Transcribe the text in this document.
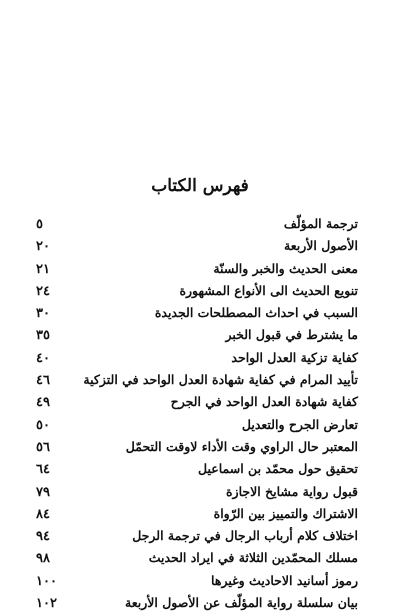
فهرس الكتاب
٥	ترجمة المؤلّف
٢٠	الأصول الأربعة
٢١	معنى الحديث والخبر والسنّة
٢٤	تنويع الحديث الى الأنواع المشهورة
٣٠	السبب في احداث المصطلحات الجديدة
٣٥	ما يشترط في قبول الخبر
٤٠	كفاية تزكية العدل الواحد
٤٦	تأييد المرام في كفاية شهادة العدل الواحد في التزكية
٤٩	كفاية شهادة العدل الواحد في الجرح
٥٠	تعارض الجرح والتعديل
٥٦	المعتبر حال الراوي وقت الأداء لاوقت التحمّل
٦٤	تحقيق حول محمّد بن اسماعيل
٧٩	قبول رواية مشايخ الاجازة
٨٤	الاشتراك والتمييز بين الرّواة
٩٤	اختلاف كلام أرباب الرجال في ترجمة الرجل
٩٨	مسلك المحمّدين الثلاثة في ايراد الحديث
١٠٠	رموز أسانيد الاحاديث وغيرها
١٠٢	بيان سلسلة رواية المؤلّف عن الأصول الأربعة
